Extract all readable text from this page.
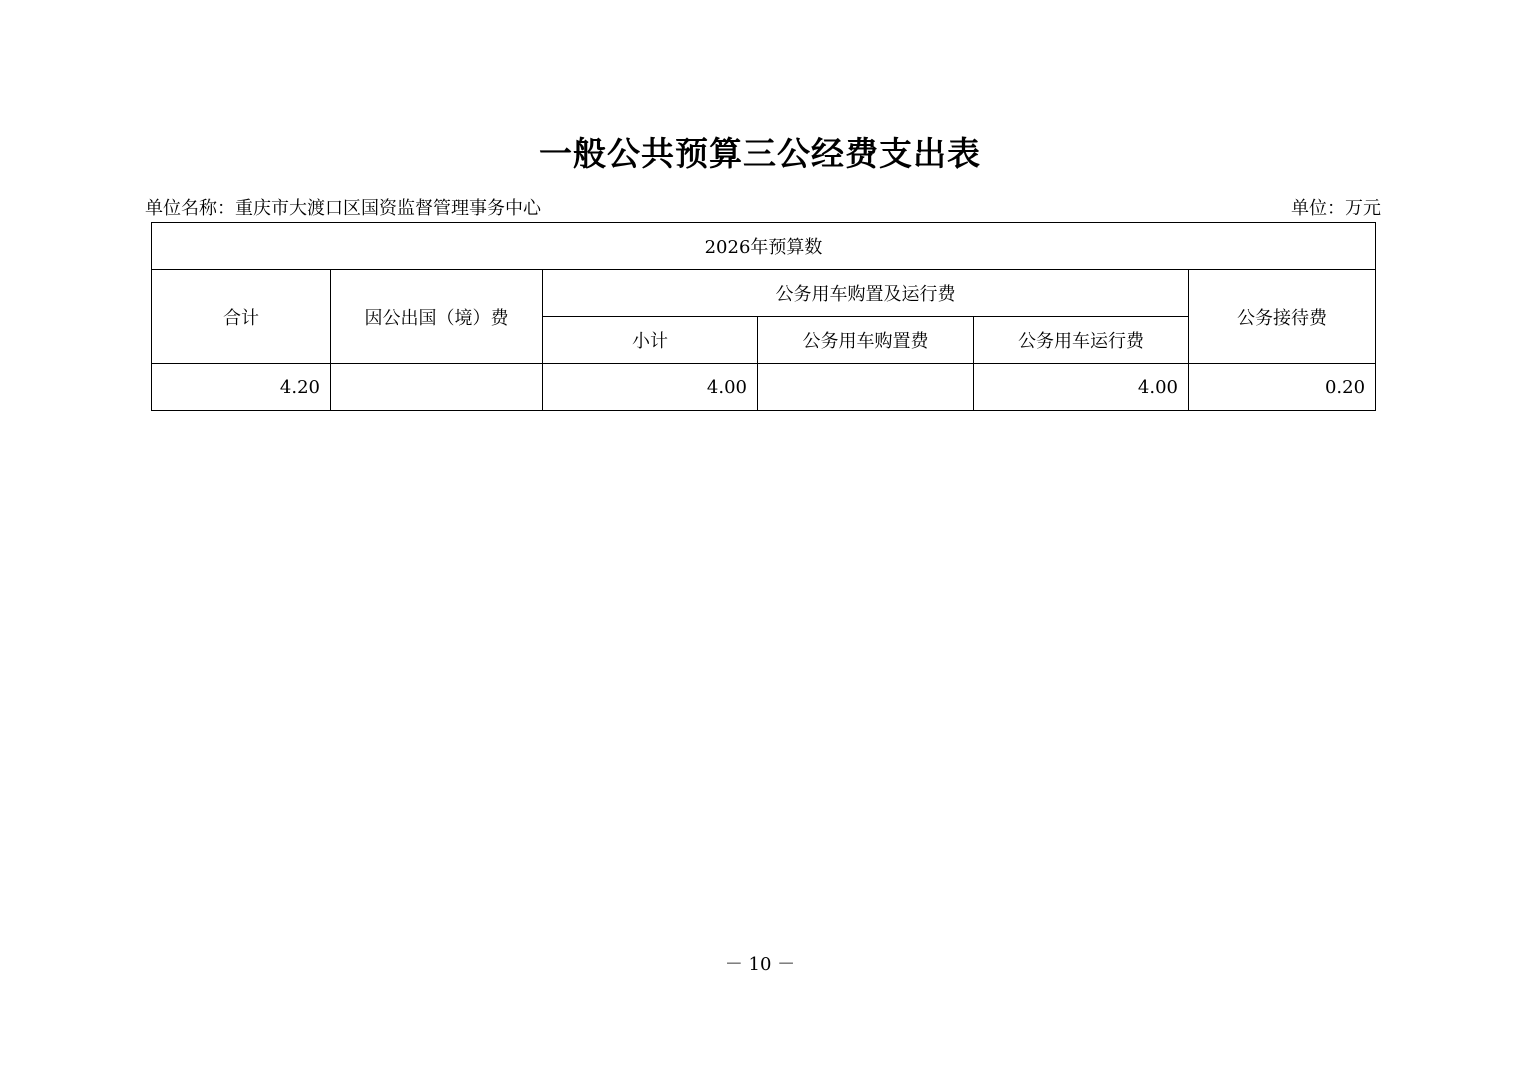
一般公共预算三公经费支出表
单位名称：重庆市大渡口区国资监督管理事务中心	单位：万元
2026年预算数					
合计	因公出国（境）费	公务用车购置及运行费			公务接待费
		小计	公务用车购置费	公务用车运行费	
4.20		4.00		4.00	0.20
－ 10 －
